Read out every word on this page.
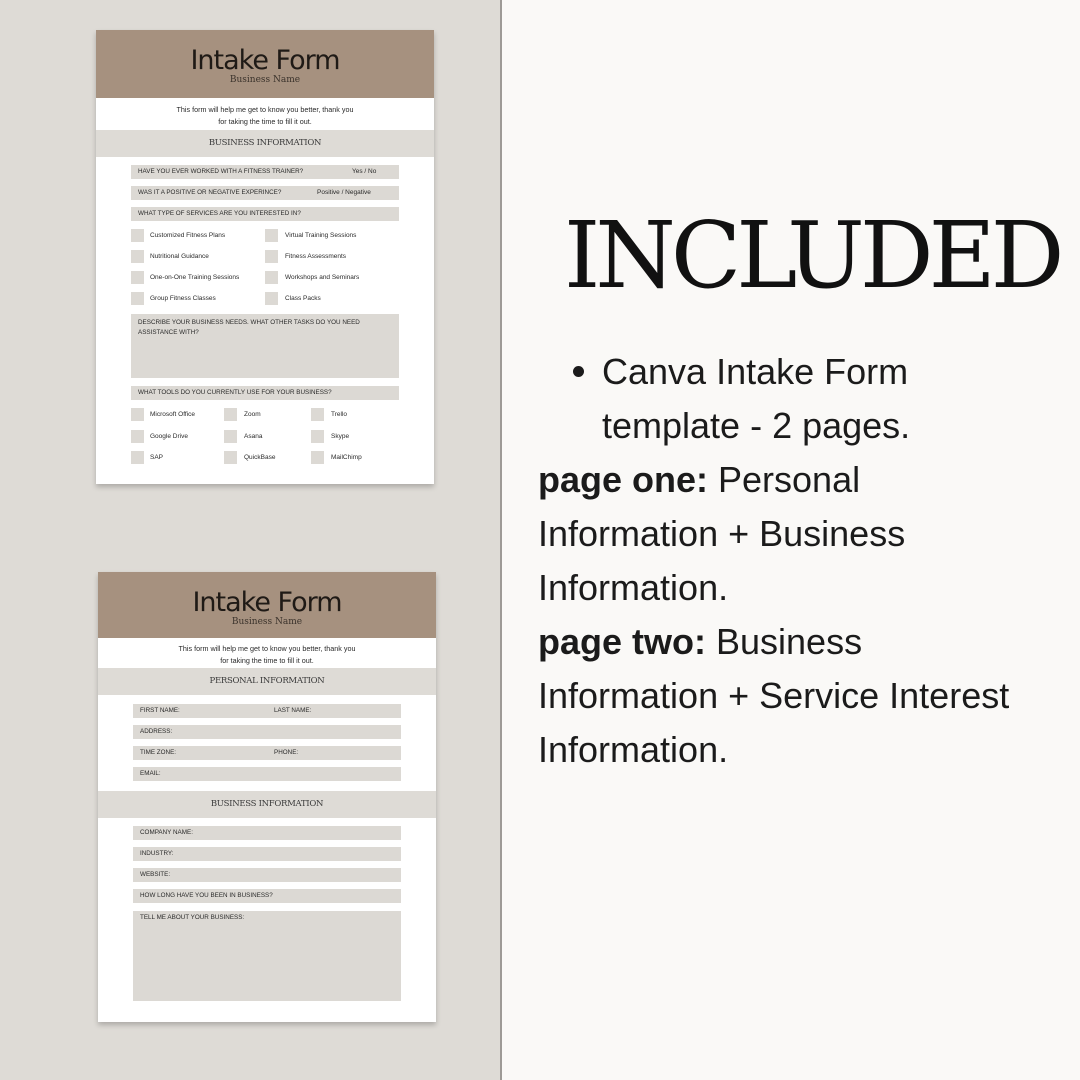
Intake Form
Business Name
This form will help me get to know you better, thank you
for taking the time to fill it out.
BUSINESS INFORMATION
HAVE YOU EVER WORKED WITH A FITNESS TRAINER?	Yes / No
WAS IT A POSITIVE OR NEGATIVE EXPERINCE?	Positive / Negative
WHAT TYPE OF SERVICES ARE YOU INTERESTED IN?
Customized Fitness Plans	Virtual Training Sessions
Nutritional Guidance	Fitness Assessments
One-on-One Training Sessions	Workshops and Seminars
Group Fitness Classes	Class Packs
DESCRIBE YOUR BUSINESS NEEDS. WHAT OTHER TASKS DO YOU NEED ASSISTANCE WITH?
WHAT TOOLS DO YOU CURRENTLY USE FOR YOUR BUSINESS?
Microsoft Office	Zoom	Trello
Google Drive	Asana	Skype
SAP	QuickBase	MailChimp
Intake Form
Business Name
This form will help me get to know you better, thank you
for taking the time to fill it out.
PERSONAL INFORMATION
FIRST NAME:	LAST NAME:
ADDRESS:
TIME ZONE:	PHONE:
EMAIL:
BUSINESS INFORMATION
COMPANY NAME:
INDUSTRY:
WEBSITE:
HOW LONG HAVE YOU BEEN IN BUSINESS?
TELL ME ABOUT YOUR BUSINESS:
INCLUDED
Canva Intake Form
template - 2 pages.
page one: Personal
Information + Business
Information.
page two: Business
Information + Service Interest
Information.
